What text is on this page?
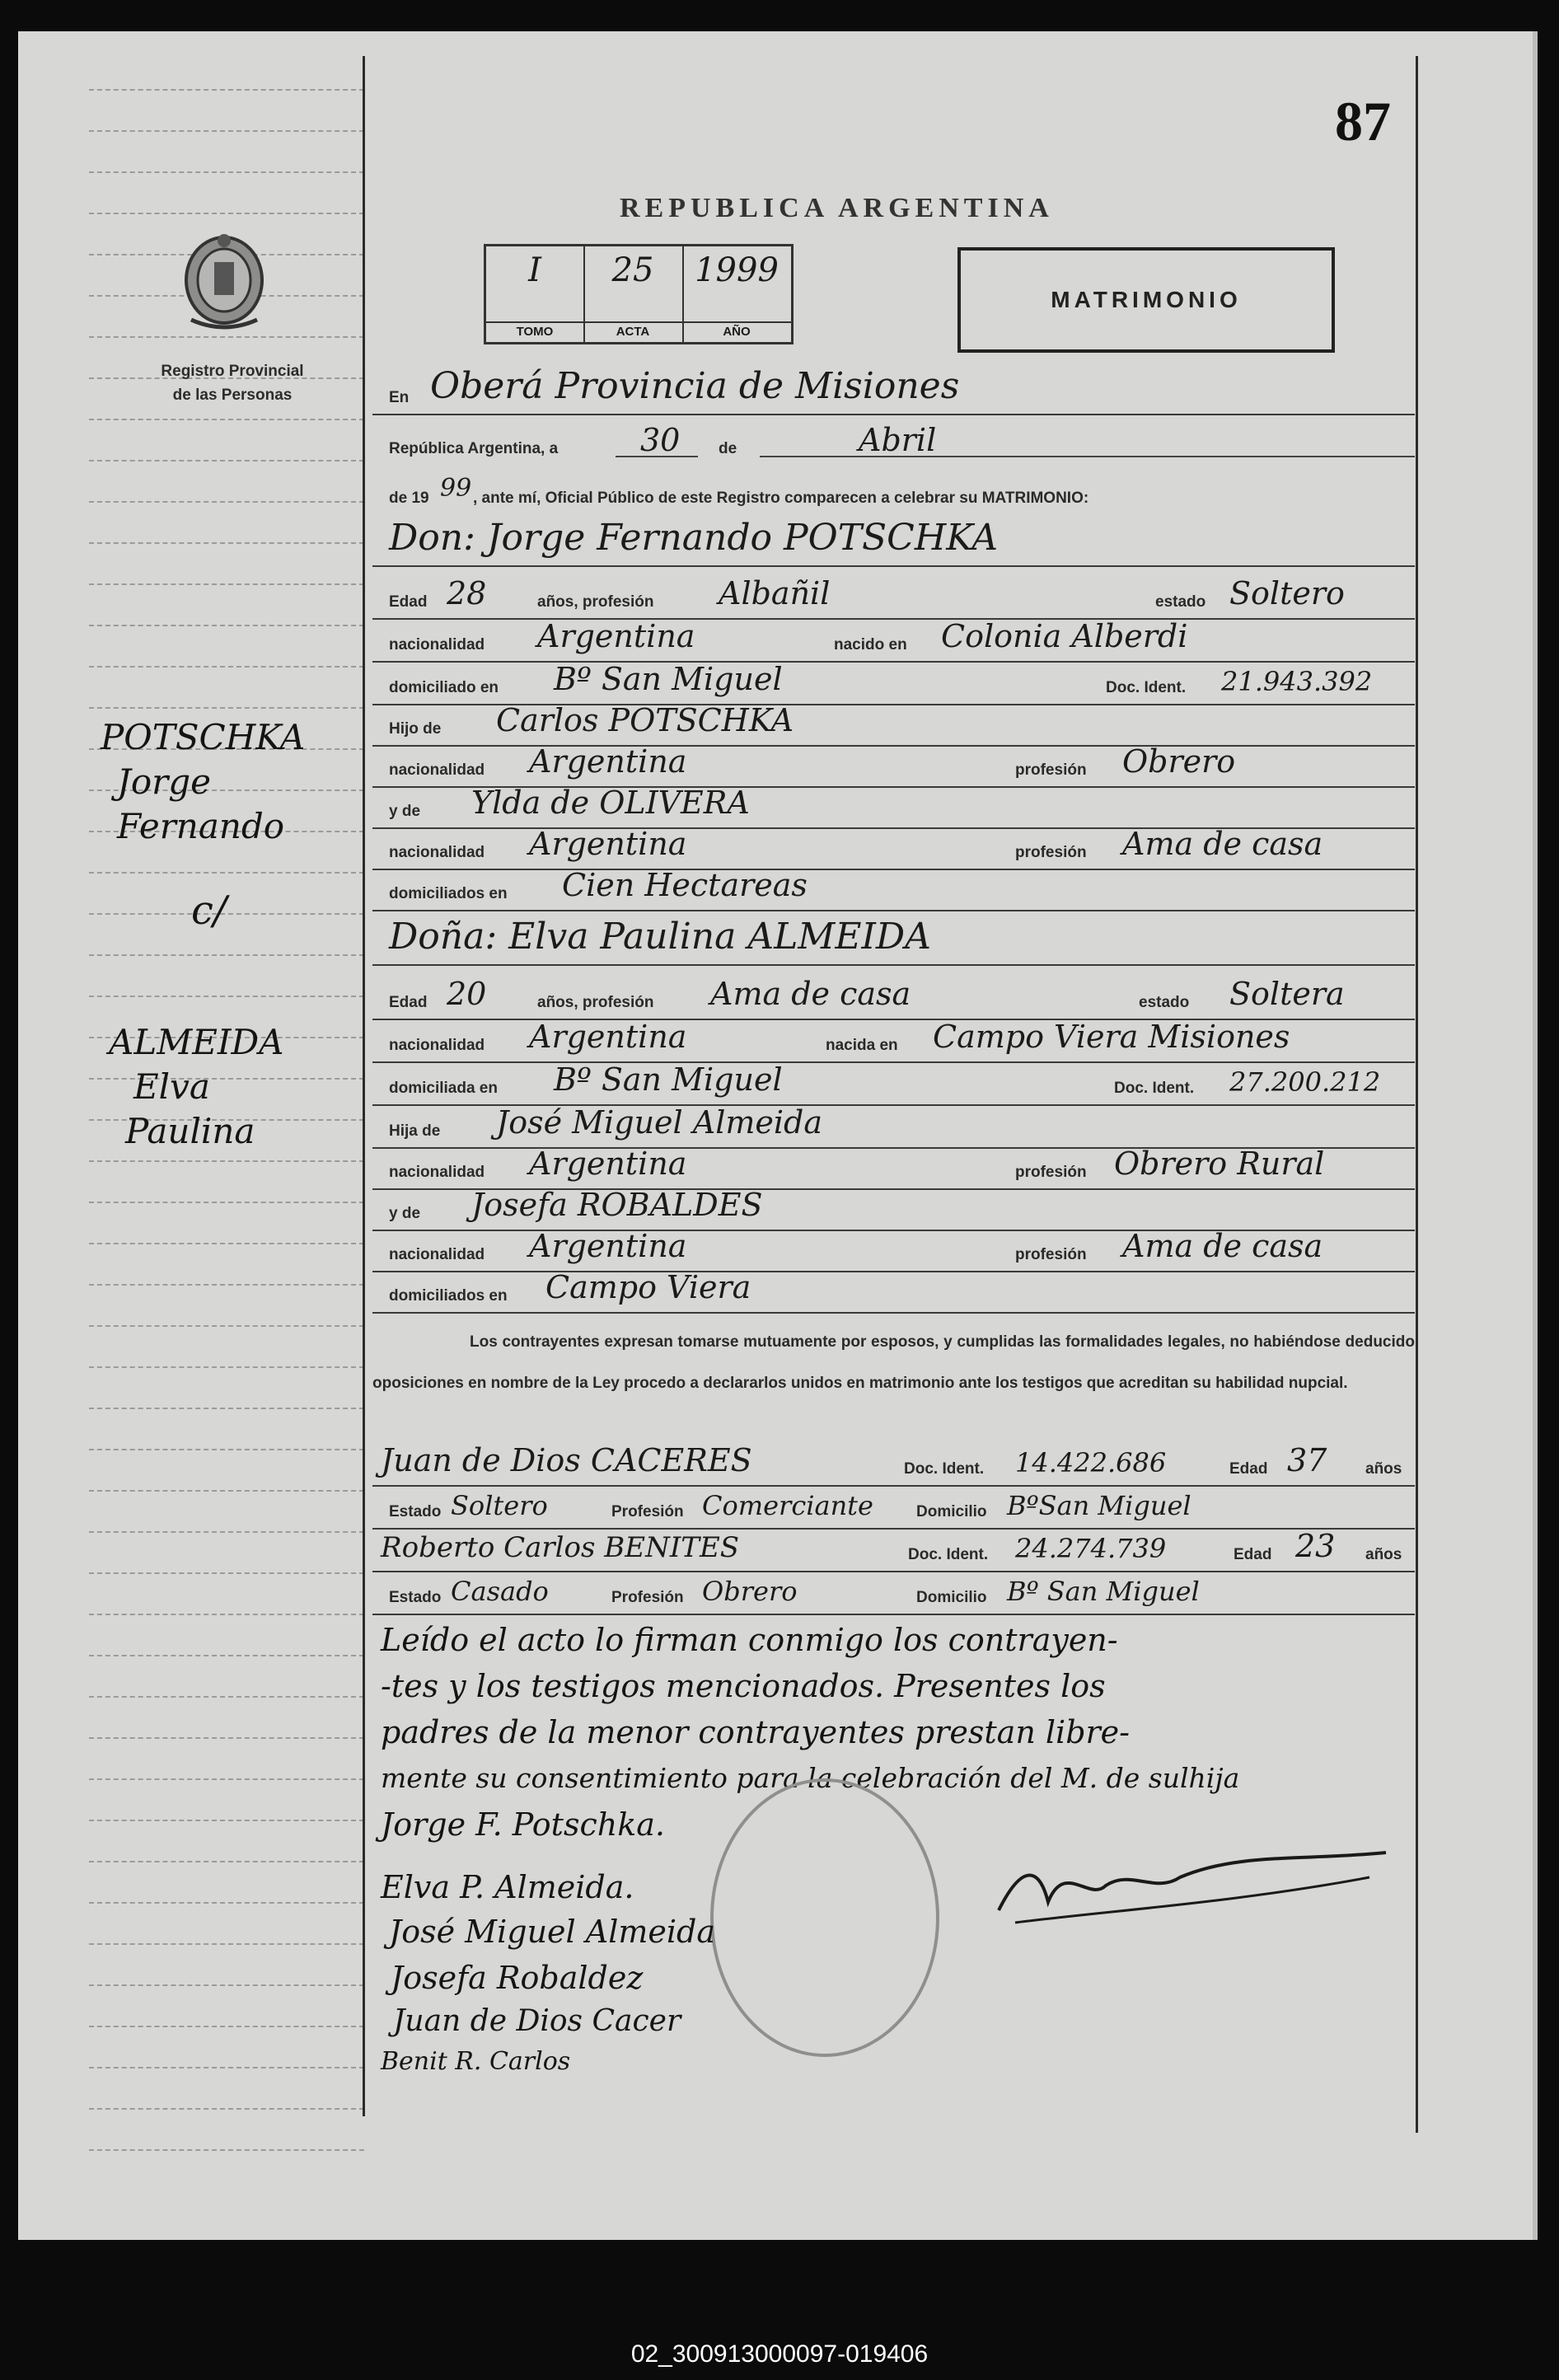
87
Registro Provincial
de las Personas
REPUBLICA ARGENTINA
I
TOMO
25
ACTA
1999
AÑO
MATRIMONIO
En Oberá Provincia de Misiones
República Argentina, a	30 de	Abril
de 19 99 , ante mí, Oficial Público de este Registro comparecen a celebrar su MATRIMONIO:
Don: Jorge Fernando POTSCHKA
Edad 28	años, profesión Albañil	estado Soltero
nacionalidad Argentina	nacido en Colonia Alberdi
domiciliado en Bº San Miguel	Doc. Ident. 21.943.392
Hijo de Carlos POTSCHKA
nacionalidad Argentina	profesión Obrero
y de Ylda de OLIVERA
nacionalidad Argentina	profesión Ama de casa
domiciliados en Cien Hectareas
Doña: Elva Paulina ALMEIDA
Edad 20	años, profesión Ama de casa	estado Soltera
nacionalidad Argentina	nacida en Campo Viera Misiones
domiciliada en Bº San Miguel	Doc. Ident. 27.200.212
Hija de José Miguel Almeida
nacionalidad Argentina	profesión Obrero Rural
y de Josefa ROBALDES
nacionalidad Argentina	profesión Ama de casa
domiciliados en Campo Viera
Los contrayentes expresan tomarse mutuamente por esposos, y cumplidas las formalidades legales, no habiéndose deducido oposiciones en nombre de la Ley procedo a declararlos unidos en matrimonio ante los testigos que acreditan su habilidad nupcial.
Juan de Dios CACERES	Doc. Ident. 14.422.686	Edad 37 años
Estado Soltero	Profesión Comerciante	Domicilio BºSan Miguel
Roberto Carlos BENITES	Doc. Ident. 24.274.739	Edad 23 años
Estado Casado	Profesión Obrero	Domicilio Bº San Miguel
Leído el acto lo firman conmigo los contrayen-
-tes y los testigos mencionados. Presentes los
padres de la menor contrayentes prestan libre-
mente su consentimiento para la celebración del M. de sulhija
Jorge F. Potschka.
Elva P. Almeida.
José Miguel Almeida
Josefa Robaldez
Juan de Dios Cacer
Benit R. Carlos
POTSCHKA
Jorge
Fernando
c/
ALMEIDA
Elva
Paulina
02_300913000097-019406
